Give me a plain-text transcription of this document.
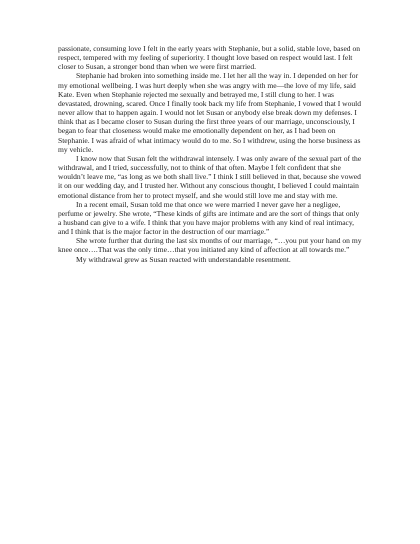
passionate, consuming love I felt in the early years with Stephanie, but a solid, stable love, based on respect, tempered with my feeling of superiority. I thought love based on respect would last. I felt closer to Susan, a stronger bond than when we were first married.

Stephanie had broken into something inside me. I let her all the way in. I depended on her for my emotional wellbeing. I was hurt deeply when she was angry with me—the love of my life, said Kate. Even when Stephanie rejected me sexually and betrayed me, I still clung to her. I was devastated, drowning, scared. Once I finally took back my life from Stephanie, I vowed that I would never allow that to happen again. I would not let Susan or anybody else break down my defenses. I think that as I became closer to Susan during the first three years of our marriage, unconsciously, I began to fear that closeness would make me emotionally dependent on her, as I had been on Stephanie. I was afraid of what intimacy would do to me. So I withdrew, using the horse business as my vehicle.

I know now that Susan felt the withdrawal intensely. I was only aware of the sexual part of the withdrawal, and I tried, successfully, not to think of that often. Maybe I felt confident that she wouldn’t leave me, “as long as we both shall live.” I think I still believed in that, because she vowed it on our wedding day, and I trusted her. Without any conscious thought, I believed I could maintain emotional distance from her to protect myself, and she would still love me and stay with me.

In a recent email, Susan told me that once we were married I never gave her a negligee, perfume or jewelry. She wrote, “These kinds of gifts are intimate and are the sort of things that only a husband can give to a wife. I think that you have major problems with any kind of real intimacy, and I think that is the major factor in the destruction of our marriage.”

She wrote further that during the last six months of our marriage, “…you put your hand on my knee once….That was the only time…that you initiated any kind of affection at all towards me.”

My withdrawal grew as Susan reacted with understandable resentment.
